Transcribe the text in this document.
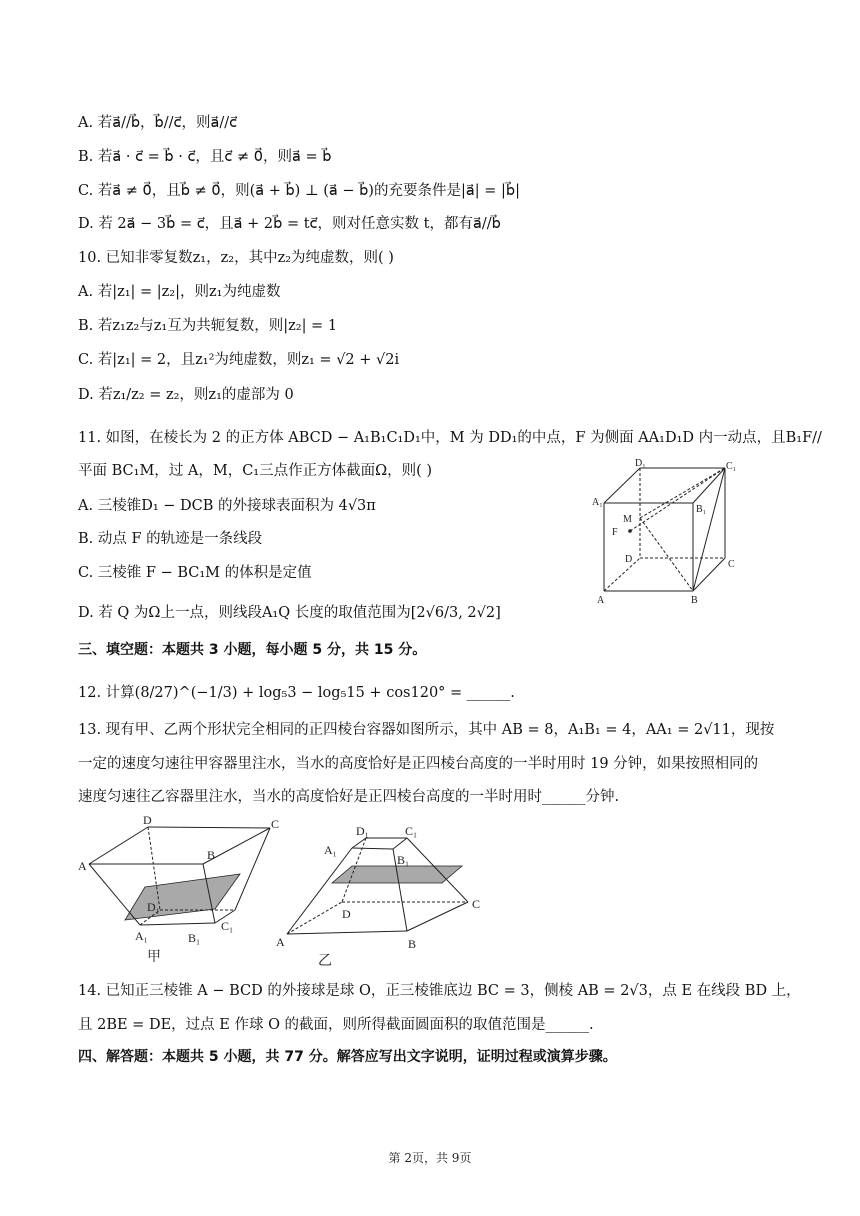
A. 若a⃗//b⃗，b⃗//c⃗，则a⃗//c⃗
B. 若a⃗ · c⃗ = b⃗ · c⃗，且c⃗ ≠ 0⃗，则a⃗ = b⃗
C. 若a⃗ ≠ 0⃗，且b⃗ ≠ 0⃗，则(a⃗ + b⃗) ⊥ (a⃗ − b⃗)的充要条件是|a⃗| = |b⃗|
D. 若 2a⃗ − 3b⃗ = c⃗，且a⃗ + 2b⃗ = tc⃗，则对任意实数 t，都有a⃗//b⃗
10. 已知非零复数z₁，z₂，其中z₂为纯虚数，则( )
A. 若|z₁| = |z₂|，则z₁为纯虚数
B. 若z₁z₂与z₁互为共轭复数，则|z₂| = 1
C. 若|z₁| = 2，且z₁²为纯虚数，则z₁ = √2 + √2i
D. 若z₁/z₂ = z₂，则z₁的虚部为 0
11. 如图，在棱长为 2 的正方体 ABCD − A₁B₁C₁D₁中，M 为 DD₁的中点，F 为侧面 AA₁D₁D 内一动点，且B₁F//
平面 BC₁M，过 A，M，C₁三点作正方体截面Ω，则( )
A. 三棱锥D₁ − DCB 的外接球表面积为 4√3π
B. 动点 F 的轨迹是一条线段
C. 三棱锥 F − BC₁M 的体积是定值
D. 若 Q 为Ω上一点，则线段A₁Q 长度的取值范围为[2√6/3, 2√2]
D₁	C₁
A₁
B₁
M
F
D	C
A	B
三、填空题：本题共 3 小题，每小题 5 分，共 15 分。
12. 计算(8/27)^(−1/3) + log₅3 − log₅15 + cos120° = ______.
13. 现有甲、乙两个形状完全相同的正四棱台容器如图所示，其中 AB = 8，A₁B₁ = 4，AA₁ = 2√11，现按
一定的速度匀速往甲容器里注水，当水的高度恰好是正四棱台高度的一半时用时 19 分钟，如果按照相同的
速度匀速往乙容器里注水，当水的高度恰好是正四棱台高度的一半时用时______分钟.
D	C
A
B
D₁
C₁
A₁	B₁
甲
D₁	C₁
A₁
B₁
D
C
A	B
乙
14. 已知正三棱锥 A − BCD 的外接球是球 O，正三棱锥底边 BC = 3，侧棱 AB = 2√3，点 E 在线段 BD 上，
且 2BE = DE，过点 E 作球 O 的截面，则所得截面圆面积的取值范围是______.
四、解答题：本题共 5 小题，共 77 分。解答应写出文字说明，证明过程或演算步骤。
第 2页，共 9页
